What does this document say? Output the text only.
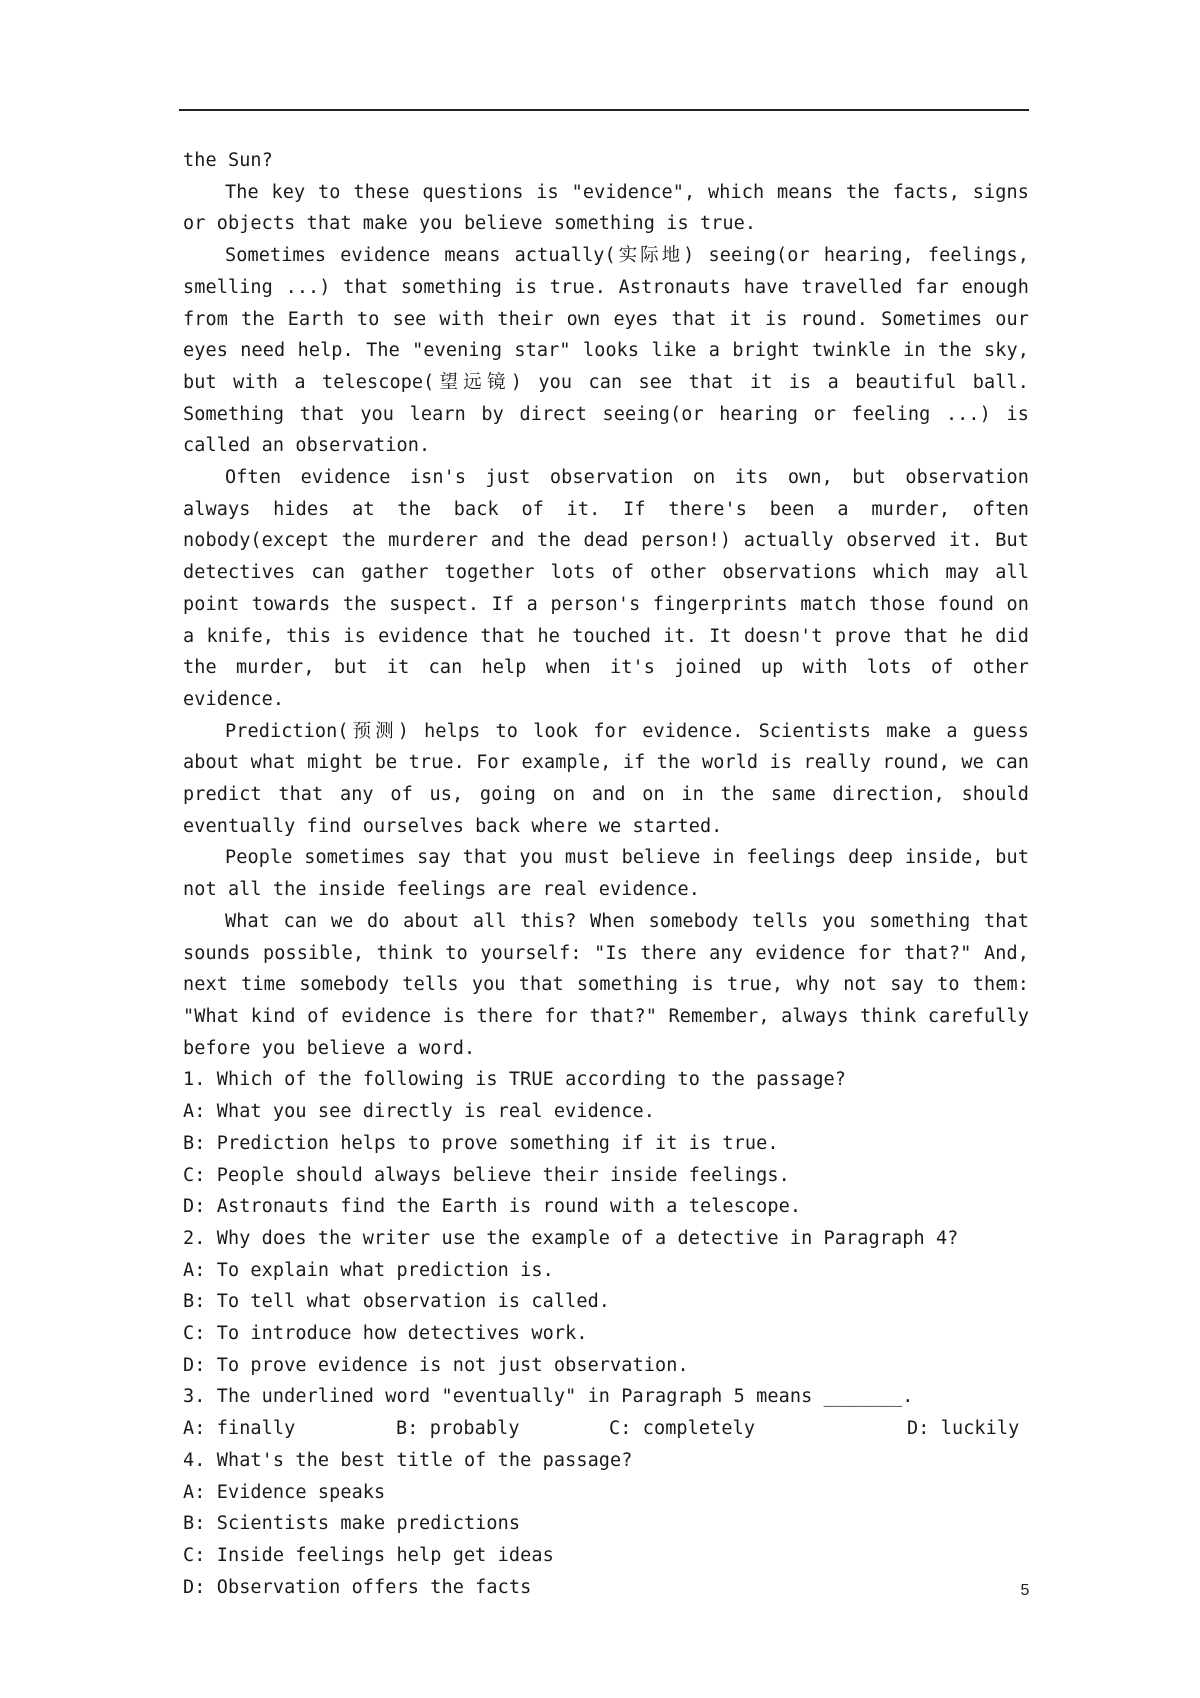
the Sun?

The key to these questions is "evidence", which means the facts, signs or objects that make you believe something is true.

Sometimes evidence means actually(实际地) seeing(or hearing, feelings, smelling ...) that something is true. Astronauts have travelled far enough from the Earth to see with their own eyes that it is round. Sometimes our eyes need help. The "evening star" looks like a bright twinkle in the sky, but with a telescope(望远镜) you can see that it is a beautiful ball. Something that you learn by direct seeing(or hearing or feeling ...) is called an observation.

Often evidence isn's just observation on its own, but observation always hides at the back of it. If there's been a murder, often nobody(except the murderer and the dead person!) actually observed it. But detectives can gather together lots of other observations which may all point towards the suspect. If a person's fingerprints match those found on a knife, this is evidence that he touched it. It doesn't prove that he did the murder, but it can help when it's joined up with lots of other evidence.

Prediction(预测) helps to look for evidence. Scientists make a guess about what might be true. For example, if the world is really round, we can predict that any of us, going on and on in the same direction, should eventually find ourselves back where we started.

People sometimes say that you must believe in feelings deep inside, but not all the inside feelings are real evidence.

What can we do about all this? When somebody tells you something that sounds possible, think to yourself: "Is there any evidence for that?" And, next time somebody tells you that something is true, why not say to them: "What kind of evidence is there for that?" Remember, always think carefully before you believe a word.

1. Which of the following is TRUE according to the passage?

A: What you see directly is real evidence.

B: Prediction helps to prove something if it is true.

C: People should always believe their inside feelings.

D: Astronauts find the Earth is round with a telescope.

2. Why does the writer use the example of a detective in Paragraph 4?

A: To explain what prediction is.

B: To tell what observation is called.

C: To introduce how detectives work.

D: To prove evidence is not just observation.

3. The underlined word "eventually" in Paragraph 5 means _______.

A: finally	B: probably	C: completely	D: luckily

4. What's the best title of the passage?

A: Evidence speaks

B: Scientists make predictions

C: Inside feelings help get ideas

D: Observation offers the facts	5
